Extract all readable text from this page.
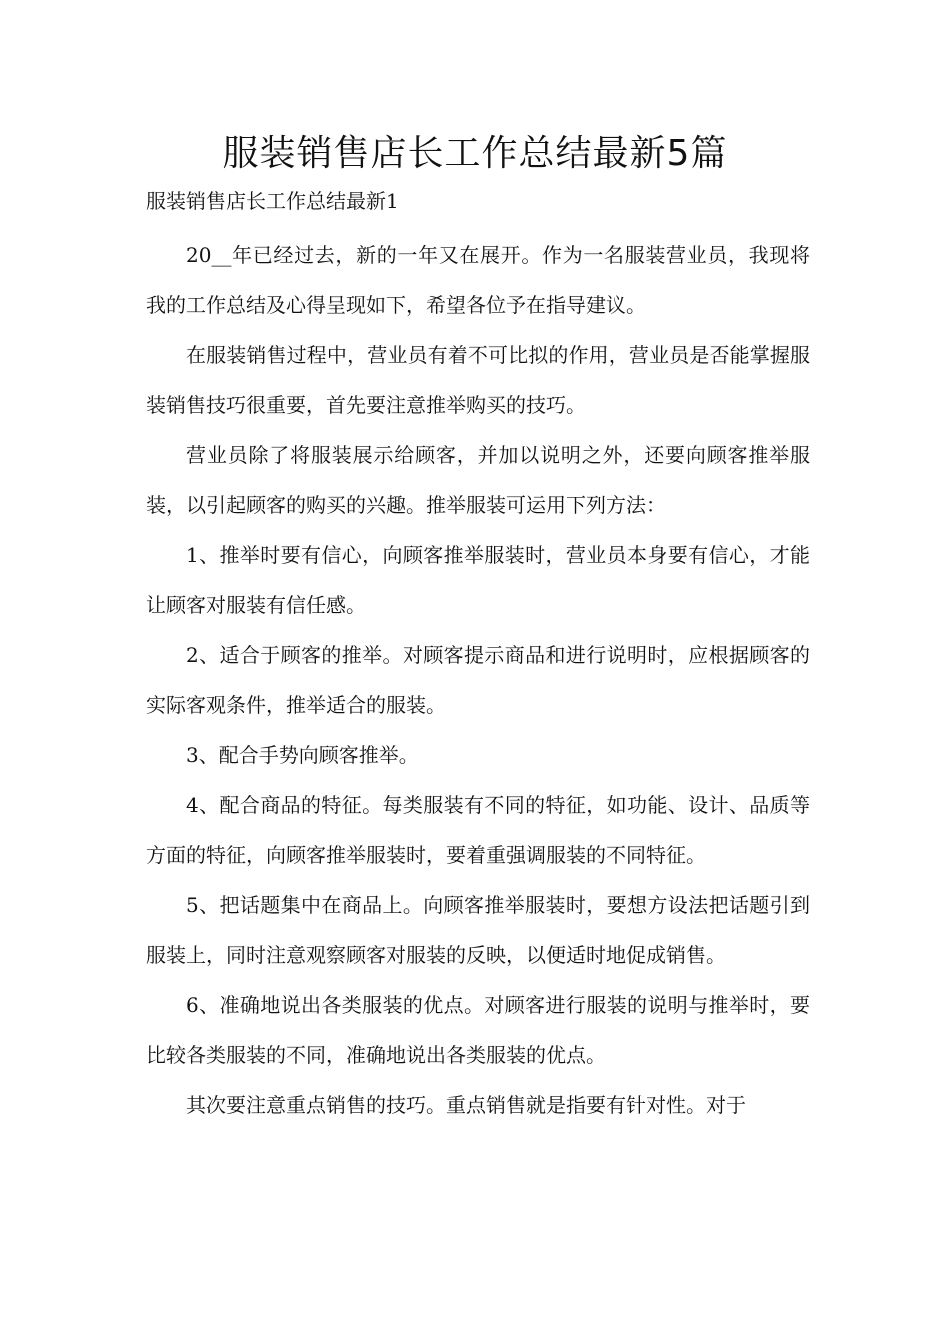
服装销售店长工作总结最新5篇
服装销售店长工作总结最新1

20__年已经过去，新的一年又在展开。作为一名服装营业员，我现将我的工作总结及心得呈现如下，希望各位予在指导建议。

在服装销售过程中，营业员有着不可比拟的作用，营业员是否能掌握服装销售技巧很重要，首先要注意推举购买的技巧。

营业员除了将服装展示给顾客，并加以说明之外，还要向顾客推举服装，以引起顾客的购买的兴趣。推举服装可运用下列方法：

1、推举时要有信心，向顾客推举服装时，营业员本身要有信心，才能让顾客对服装有信任感。

2、适合于顾客的推举。对顾客提示商品和进行说明时，应根据顾客的实际客观条件，推举适合的服装。

3、配合手势向顾客推举。

4、配合商品的特征。每类服装有不同的特征，如功能、设计、品质等方面的特征，向顾客推举服装时，要着重强调服装的不同特征。

5、把话题集中在商品上。向顾客推举服装时，要想方设法把话题引到服装上，同时注意观察顾客对服装的反映，以便适时地促成销售。

6、准确地说出各类服装的优点。对顾客进行服装的说明与推举时，要比较各类服装的不同，准确地说出各类服装的优点。

其次要注意重点销售的技巧。重点销售就是指要有针对性。对于
